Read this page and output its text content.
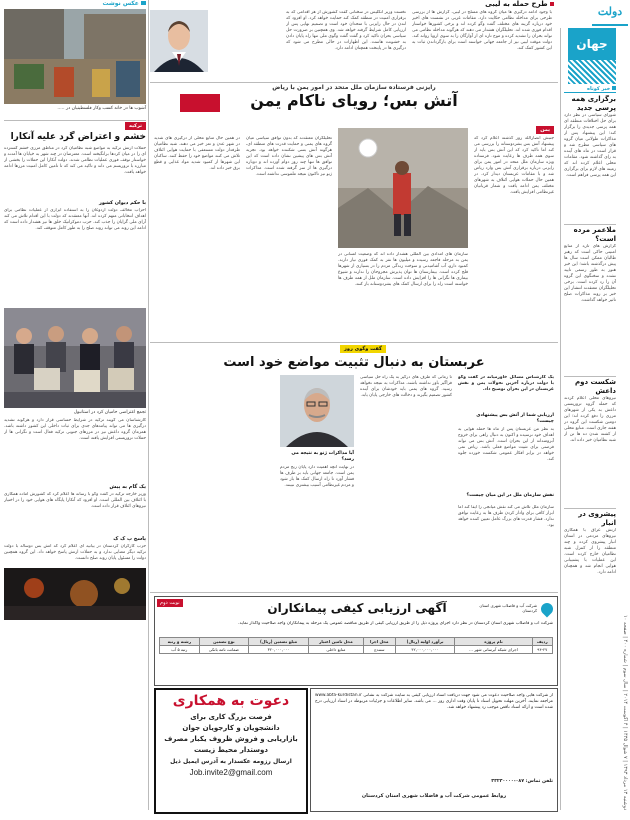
دولت
دوشنبه ۱۳ مرداد ۱۳۹۳ | ۷ شوال ۱۴۳۵ | ۴ آگوست ۲۰۱۴ | سال سوم | شماره ۴۰۰ | صفحه ۱۰
جهان
خبر کوتاه
برگزاری همه پرسی جدید
شورای سیاسی در نظر دارد برای حل اختلافات منطقه ای همه پرسی جدیدی را برگزار کند؛ این پیشنهاد پس از مذاکرات طولانی میان گروه های سیاسی مطرح شد و قرار است در ماه های آینده به رای گذاشته شود. مقامات محلی اعلام کرده اند که زمینه های لازم برای برگزاری این همه پرسی فراهم است.
ملاعمر مرده است؟
گزارش های تازه از منابع امنیتی حاکی است که رهبر طالبان ممکن است سال ها پیش درگذشته باشد؛ این خبر هنوز به طور رسمی تایید نشده و سخنگوی این گروه آن را رد کرده است. برخی تحلیلگران معتقدند انتشار این خبر بر روند مذاکرات صلح تاثیر خواهد گذاشت.
شکست دوم داعش
نیروهای محلی اعلام کردند که حمله گروه تروریستی داعش به یکی از شهرهای مرزی را دفع کرده اند؛ این دومین شکست این گروه در هفته جاری است. منابع محلی از کشته شدن ده ها تن از شبه نظامیان خبر داده اند.
پیشروی در انبار
ارتش عراق با همکاری نیروهای مردمی در استان انبار پیشروی کرده و چند منطقه را از کنترل شبه نظامیان خارج کرده است. این عملیات با پشتیبانی هوایی انجام شد و همچنان ادامه دارد.
طرح حمله به لیبی
با وجود ادامه درگیری ها میان گروه های مسلح در لیبی، گزارش ها از بررسی طرحی برای مداخله نظامی حکایت دارد. مقامات غربی در نشست های اخیر خود درباره گزینه های مختلف گفت وگو کرده اند و برخی کشورها خواستار اقدام فوری شده اند. تحلیلگران هشدار می دهند که هرگونه مداخله نظامی می تواند بحران را تشدید کرده و موج تازه ای از آوارگان را به سوی اروپا روانه کند. دولت موقت لیبی نیز از جامعه جهانی خواسته است برای بازگرداندن ثبات به این کشور کمک کند.
نخست وزیر انگلیس در سخنانی گفت کشورش از هر اقدامی که به برقراری امنیت در منطقه کمک کند حمایت خواهد کرد. او افزود که لندن در حال رایزنی با متحدان خود است و تصمیم نهایی پس از ارزیابی کامل شرایط گرفته خواهد شد. وی همچنین بر ضرورت حل سیاسی بحران تاکید کرد و گفت گفت وگوی ملی تنها راه پایان دادن به خشونت هاست. این اظهارات در حالی مطرح می شود که درگیری ها در پایتخت همچنان ادامه دارد.
عکس نوشت
آشوب ها در خانه کسب وکار فلسطینیان در .....
رایزنی فرستاده سازمان ملل متحد در امور یمن با ریاض
آتش بس؛ رویای ناکام یمن
یمن
جنبش انصارالله روز گذشته اعلام کرد که پیشنهاد آتش بس بشردوستانه را بررسی می کند اما تاکید کرد که این آتش بس باید از سوی همه طرف ها رعایت شود. فرستاده ویژه سازمان ملل متحد در امور یمن برای رایزنی درباره برقراری آتش بس وارد ریاض شد و با مقامات عربستان دیدار کرد. در همین حال حملات هوایی ائتلاف به شهرهای مختلف یمن ادامه یافت و شمار قربانیان غیرنظامی افزایش یافت.
سازمان های امدادی بین المللی هشدار داده اند که وضعیت انسانی در یمن به مرحله فاجعه رسیده و میلیون ها نفر به کمک فوری نیاز دارند. کمبود دارو، آب آشامیدنی و سوخت زندگی مردم را در بسیاری از شهرها فلج کرده است. بیمارستان ها توان پذیرش مجروحان را ندارند و شیوع بیماری ها نگرانی ها را افزایش داده است. سازمان ملل از همه طرف ها خواسته است راه را برای ارسال کمک های بشردوستانه باز کنند.
تحلیلگران معتقدند که بدون توافق سیاسی میان گروه های یمنی و حمایت قدرت های منطقه ای، هرگونه آتش بسی شکننده خواهد بود. تجربه آتش بس های پیشین نشان داده است که این توافق ها تنها چند روز دوام آورده اند و دوباره درگیری ها از سر گرفته شده است. مذاکرات ژنو نیز تاکنون نتیجه ملموسی نداشته است.
در همین حال منابع محلی از درگیری های شدید در شهر عدن و تعز خبر می دهند. شبه نظامیان طرفدار دولت مستعفی با حمایت هوایی ائتلاف تلاش می کنند مواضع خود را حفظ کنند. ساکنان این شهرها از کمبود شدید مواد غذایی و قطع برق خبر داده اند.
گفت وگوی روز
عربستان به دنبال تثبیت مواضع خود است
یک کارشناس مسائل خاورمیانه در گفت وگو با دولت درباره آخرین تحولات یمن و نقش عربستان در این بحران توضیح داد.
ارزیابی شما از آتش بس پیشنهادی چیست؟
به نظر من عربستان پس از ماه ها حمله هوایی به اهداف خود نرسیده و اکنون به دنبال راهی برای خروج آبرومندانه از این بحران است. آتش بس می تواند فرصتی برای تثبیت مواضع فعلی باشد. ریاض نمی خواهد در برابر افکار عمومی شکست خورده جلوه کند.
نقش سازمان ملل در این میان چیست؟
سازمان ملل تلاش می کند نقش میانجی را ایفا کند اما ابزار کافی برای وادار کردن طرف ها به رعایت توافق ندارد. فشار قدرت های بزرگ عامل تعیین کننده خواهد بود.
تا زمانی که طرف های درگیر به یک راه حل سیاسی فراگیر باور نداشته باشند، مذاکرات به نتیجه نخواهد رسید. گروه های یمنی باید خودشان برای آینده کشور تصمیم بگیرند و دخالت های خارجی پایان یابد.
آیا مذاکرات ژنو به نتیجه می رسد؟
در نهایت آنچه اهمیت دارد پایان رنج مردم یمن است. جامعه جهانی باید بر طرف ها فشار آورد تا راه ارسال کمک ها باز شود و مردم غیرنظامی آسیب بیشتری نبینند.
ترکیه
خشم و اعتراض گرد علیه آنکارا
حملات ارتش ترکیه به مواضع شبه نظامیان کرد در مناطق مرزی خشم گسترده ای را در میان کردها برانگیخته است. معترضان در چند شهر به خیابان ها آمدند و خواستار توقف فوری عملیات نظامی شدند. دولت آنکارا این حملات را بخشی از مبارزه با تروریسم می داند و تاکید می کند که تا تامین کامل امنیت مرزها ادامه خواهد یافت.
با حکم دیوان کشور
احزاب مخالف دولت اردوغان را به استفاده ابزاری از عملیات نظامی برای اهداف انتخاباتی متهم کرده اند. آنها معتقدند که دولت با این اقدام تلاش می کند آرای ملی گرایان را جذب کند. حزب دموکراتیک خلق ها نیز هشدار داده است که ادامه این روند می تواند روند صلح را به طور کامل متوقف کند.
تجمع اعتراضی حامیان کرد در استانبول
کارشناسان می گویند ترکیه در شرایط حساسی قرار دارد و هرگونه تشدید درگیری ها می تواند پیامدهای جدی برای ثبات داخلی این کشور داشته باشد. همزمان گروه داعش نیز در مرزهای جنوبی ترکیه فعال است و نگرانی ها از حملات تروریستی افزایش یافته است.
یک گام به پیش
وزیر خارجه ترکیه در گفت وگو با رسانه ها اعلام کرد که کشورش آماده همکاری با ائتلاف بین المللی است. او افزود که آنکارا پایگاه های هوایی خود را در اختیار نیروهای ائتلاف قرار داده است.
پاسخ پ ک ک
حزب کارگران کردستان در بیانیه ای اعلام کرد که آتش بس دوساله با دولت ترکیه دیگر معنایی ندارد و به حملات ارتش پاسخ خواهد داد. این گروه همچنین دولت را مسئول پایان روند صلح دانست.
دعوت به همکاری
فرصت بزرگ کاری برای
دانشجویان و کارجویان جوان
بازاریابی و فروش ظروف یکبار مصرف
دوستدار محیط زیست
ارسال رزومه عکسدار به آدرس ایمیل ذیل
Job.invite2@gmail.com
نوبت دوم	آگهی ارزیابی کیفی پیمانکاران	شرکت آب و فاضلاب شهری استان کردستان
شرکت آب و فاضلاب شهری استان کردستان در نظر دارد اجرای پروژه ذیل را از طریق ارزیابی کیفی از طریق مناقصه عمومی یک مرحله به پیمانکاران واجد صلاحیت واگذار نماید.
ردیف	نام پروژه	برآورد اولیه (ریال)	محل اجرا	محل تامین اعتبار	مبلغ تضمین (ریال)	نوع تضمین	رشته و رتبه
۹۴-۲۷	اجرای شبکه آبرسانی شهر ...	۴۲,۰۰۰,۰۰۰,۰۰۰	سنندج	منابع داخلی	۳۲۰,۰۰۰,۰۰۰	ضمانت نامه بانکی	رتبه ۵ آب
از شرکت هایی واجد صلاحیت دعوت می شود جهت دریافت اسناد ارزیابی کیفی به سایت شرکت به نشانی www.abfa-kurdistan.ir مراجعه نمایند. آخرین مهلت تحویل اسناد تا پایان وقت اداری روز ... می باشد. سایر اطلاعات و جزئیات مربوطه در اسناد ارزیابی درج شده است و ارائه اسناد ناقص موجب رد پیشنهاد خواهد شد.
تلفن تماس: ۰۸۷-۳۳۲۳۰۰۰۰
روابط عمومی شرکت آب و فاضلاب شهری استان کردستان
